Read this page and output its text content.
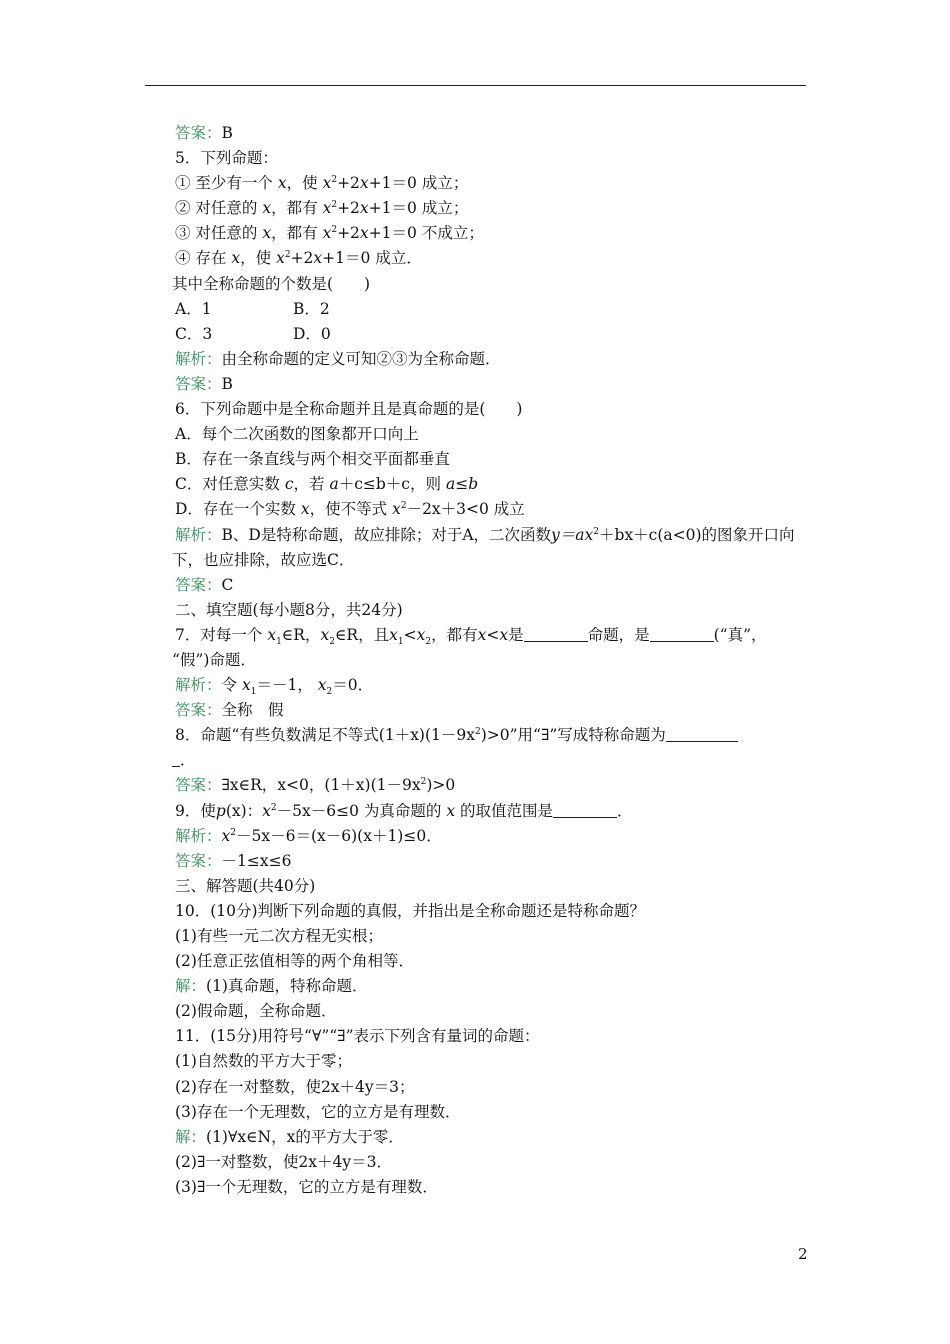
答案：B
5．下列命题：
① 至少有一个 x，使 $x^2+2x+1=0$ 成立；
② 对任意的 x，都有 $x^2+2x+1=0$ 成立；
③ 对任意的 x，都有 $x^2+2x+1=0$ 不成立；
④ 存在 x，使 $x^2+2x+1=0$ 成立．
其中全称命题的个数是(　　)
A．1	B．2
C．3	D．0
解析：由全称命题的定义可知②③为全称命题．
答案：B
6．下列命题中是全称命题并且是真命题的是(　　)
A．每个二次函数的图象都开口向上
B．存在一条直线与两个相交平面都垂直
C．对任意实数 c，若 a＋c≤b＋c，则 a≤b
D．存在一个实数 x，使不等式 $x^2-2x+3<0$ 成立
解析：B、D是特称命题，故应排除；对于A，二次函数$y=ax^2+bx+c(a<0)$的图象开口向
下，也应排除，故应选C．
答案：C
二、填空题(每小题8分，共24分)
7．对每一个 $x_1\in R$，$x_2\in R$，且$x_1<x_2$，都有x<x是	命题，是	(“真”，
“假”)命题．
解析：令 $x_1=-1$， $x_2=0$．
答案：全称　假
8．命题“有些负数满足不等式$(1+x)(1-9x^2)>0$”用“∃”写成特称命题为
．
答案：∃x∈R，x<0，$(1+x)(1-9x^2)>0$
9．使p(x)：$x^2-5x-6\le 0$ 为真命题的 x 的取值范围是	．
解析：$x^2-5x-6=(x-6)(x+1)\le 0$．
答案：－1≤x≤6
三、解答题(共40分)
10．(10分)判断下列命题的真假，并指出是全称命题还是特称命题？
(1)有些一元二次方程无实根；
(2)任意正弦值相等的两个角相等．
解：(1)真命题，特称命题．
(2)假命题，全称命题．
11．(15分)用符号“∀”“∃”表示下列含有量词的命题：
(1)自然数的平方大于零；
(2)存在一对整数，使2x＋4y＝3；
(3)存在一个无理数，它的立方是有理数．
解：(1)∀x∈N，x的平方大于零．
(2)∃一对整数，使2x＋4y＝3．
(3)∃一个无理数，它的立方是有理数．
2
